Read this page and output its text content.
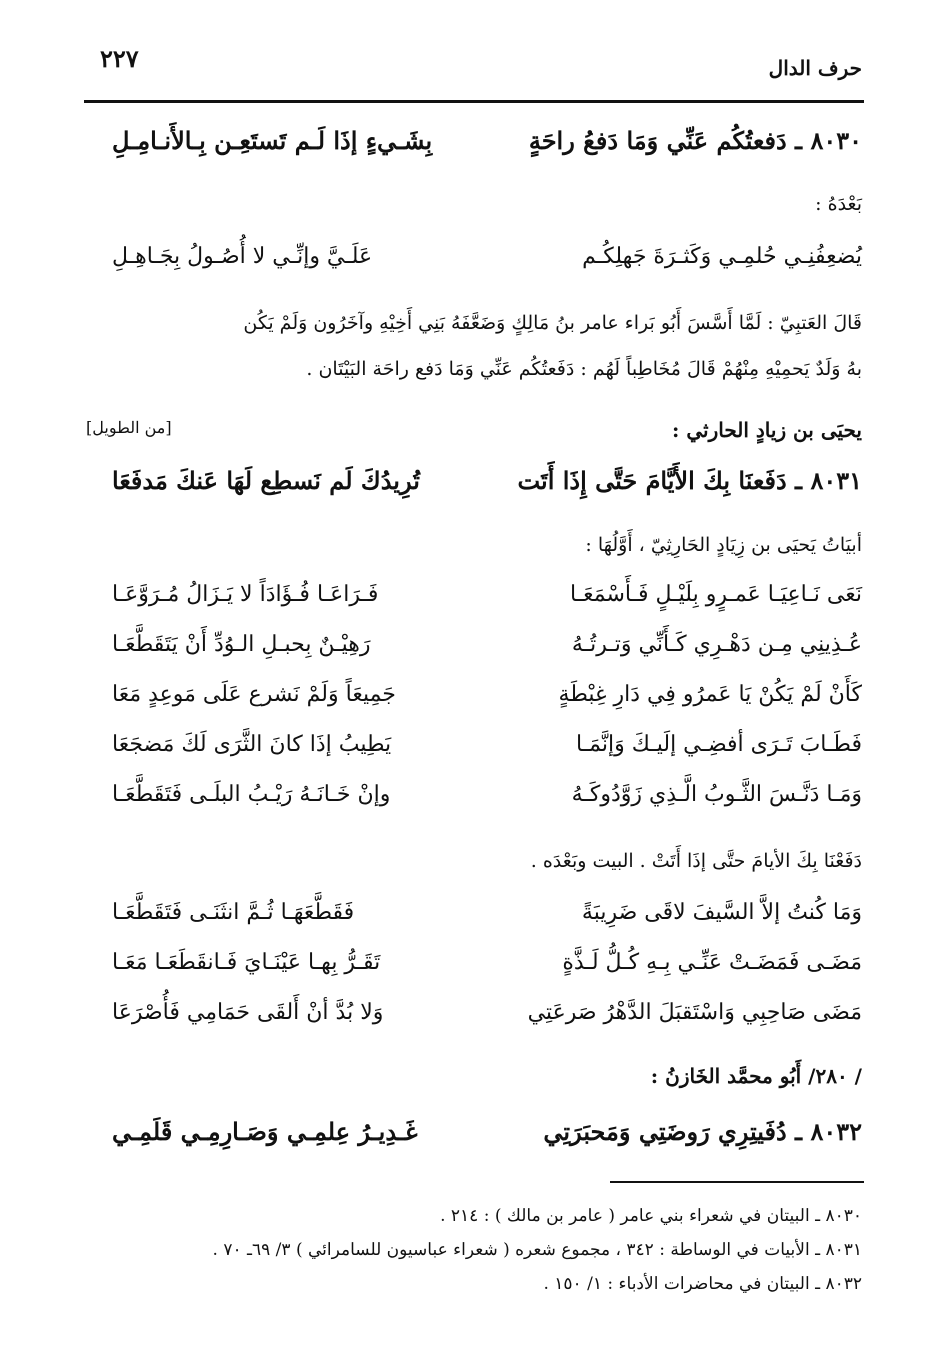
حرف الدال
٢٢٧
٨٠٣٠ ـ دَفعتُكُم عَنِّي وَمَا دَفعُ راحَةٍ
بِشَـيءٍ إذَا لَـم تَستَعِـن بِـالأَنـامِـلِ
بَعْدَهُ :
يُضعِفُنِـي حُلمِـي وَكَثـرَةَ جَهلِكُـم
عَلَـيَّ وإنِّـي لا أُصُـولُ بِجَـاهِـلِ
قَالَ العَتبِيّ : لَمَّا أَسَّسَ أَبُو بَراء عامر بنُ مَالِكٍ وَضَعَّفَهُ بَنِي أَخِيْهِ وآخَرُون وَلَمْ يَكُن
بهُ وَلَدٌ يَحمِيْهِ مِنْهُمْ قَالَ مُخَاطِباً لَهُم : دَفَعتُكُم عَنِّي وَمَا دَفع راحَة البَيْتَان .
يحيَى بن زيادٍ الحارثي :
[من الطويل]
٨٠٣١ ـ دَفَعنَا بِكَ الأَيَّامَ حَتَّى إِذَا أَتَت
تُرِيدُكَ لَم نَسطِع لَهَا عَنكَ مَدفَعَا
أبيَاتُ يَحيَى بن زِيَادٍ الحَارِثِيّ ، أَوَّلُهَا :
نَعَى نَـاعِيَـا عَمـرٍو بِلَيْـلٍ فَـأَسْمَعَـا
فَـرَاعَـا فُـؤَادَاً لا يَـزَالُ مُـرَوَّعَـا
عُـذِينِي مِـن دَهْـرِي كَـأَنِّي وَتـرتُـهُ
رَهِيْـنٌ بِحبـلِ الـوُدِّ أَنْ يَتَقَطَّعَـا
كَأَنْ لَمْ يَكُنْ يَا عَمرُو فِي دَارِ غِبْطَةٍ
جَمِيعَاً وَلَمْ نَشرع عَلَى مَوعِدٍ مَعَا
فَطَـابَ تَـرَى أفضِـي إلَيـكَ وَإنَّمَـا
يَطِيبُ إذَا كانَ الثَّرَى لَكَ مَضجَعَا
وَمَـا دَنَّـسَ الثَّـوبُ الَّـذِي زَوَّدُوكَـهُ
وإنْ خَـانَـهُ رَيْـبُ البلَـى فَتَقَطَّعَـا
دَفَعْنَا بِكَ الأيامَ حتَّى إذَا أَتَتْ . البيت وبَعْدَه .
وَمَا كُنتُ إلاَّ السَّيفَ لاقَى ضَرِيبَةً
فَقَطَّعَهَـا ثُـمَّ انثَنَـى فَتَقَطَّعَـا
مَضَـى فَمَضَـتْ عَنِّـي بِـهِ كُـلُّ لَـذَّةٍ
تَقَـرُّ بِهـا عَيْنَـايَ فَـانقَطَعَـا مَعَـا
مَضَى صَاحِبِي وَاسْتَقبَلَ الدَّهْرُ صَرعَتِي
وَلا بُدَّ أنْ أَلقَى حَمَامِي فَأُصْرَعَا
/ ٢٨٠/ أَبُو محمَّد الخَازنُ :
٨٠٣٢ ـ دُفَيتِرِي رَوضَتِي وَمَحبَرَتِي
غَـدِيـرُ عِلمِـي وَصَـارِمِـي قَلَمِـي
٨٠٣٠ ـ البيتان في شعراء بني عامر ( عامر بن مالك ) : ٢١٤ .
٨٠٣١ ـ الأبيات في الوساطة : ٣٤٢ ، مجموع شعره ( شعراء عباسيون للسامرائي ) ٣/ ٦٩ـ ٧٠ .
٨٠٣٢ ـ البيتان في محاضرات الأدباء : ١/ ١٥٠ .
